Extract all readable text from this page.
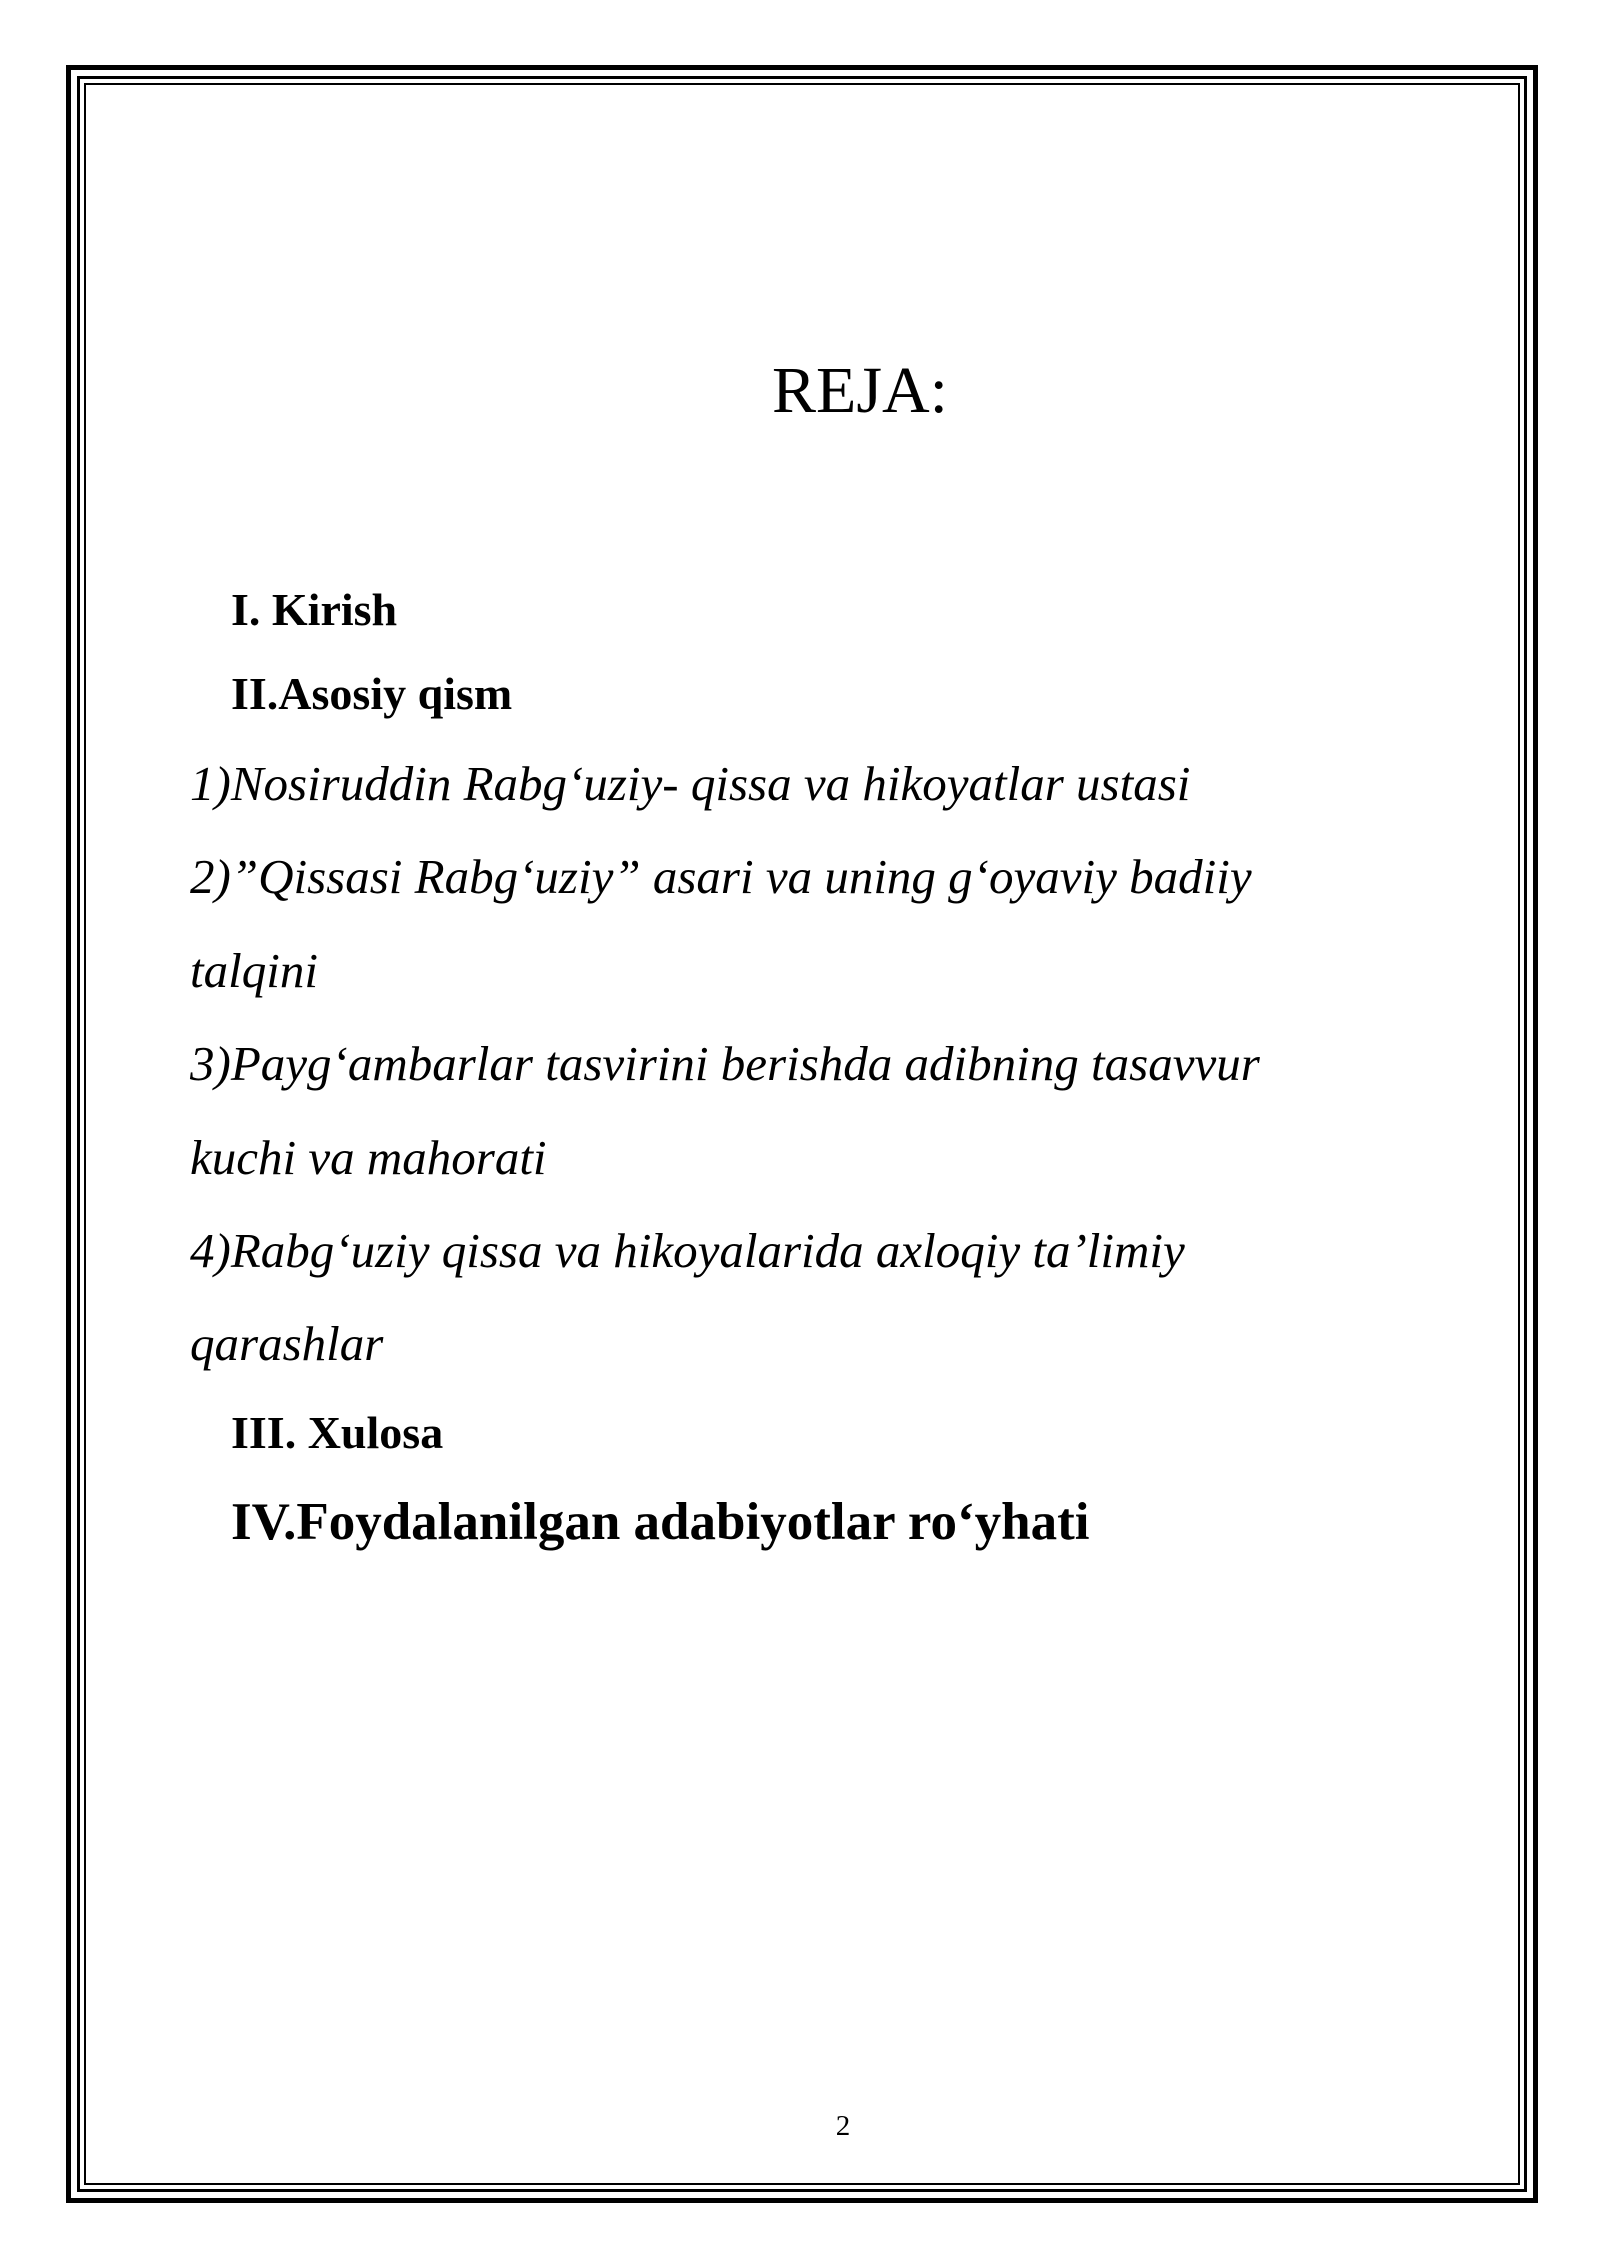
REJA:
I. Kirish
II.Asosiy qism
1)Nosiruddin Rabg‘uziy- qissa va hikoyatlar ustasi
2)”Qissasi Rabg‘uziy” asari va uning g‘oyaviy badiiy
talqini
3)Payg‘ambarlar tasvirini berishda adibning tasavvur
kuchi va mahorati
4)Rabg‘uziy qissa va hikoyalarida axloqiy ta’limiy
qarashlar
III. Xulosa
IV.Foydalanilgan adabiyotlar ro‘yhati
2
